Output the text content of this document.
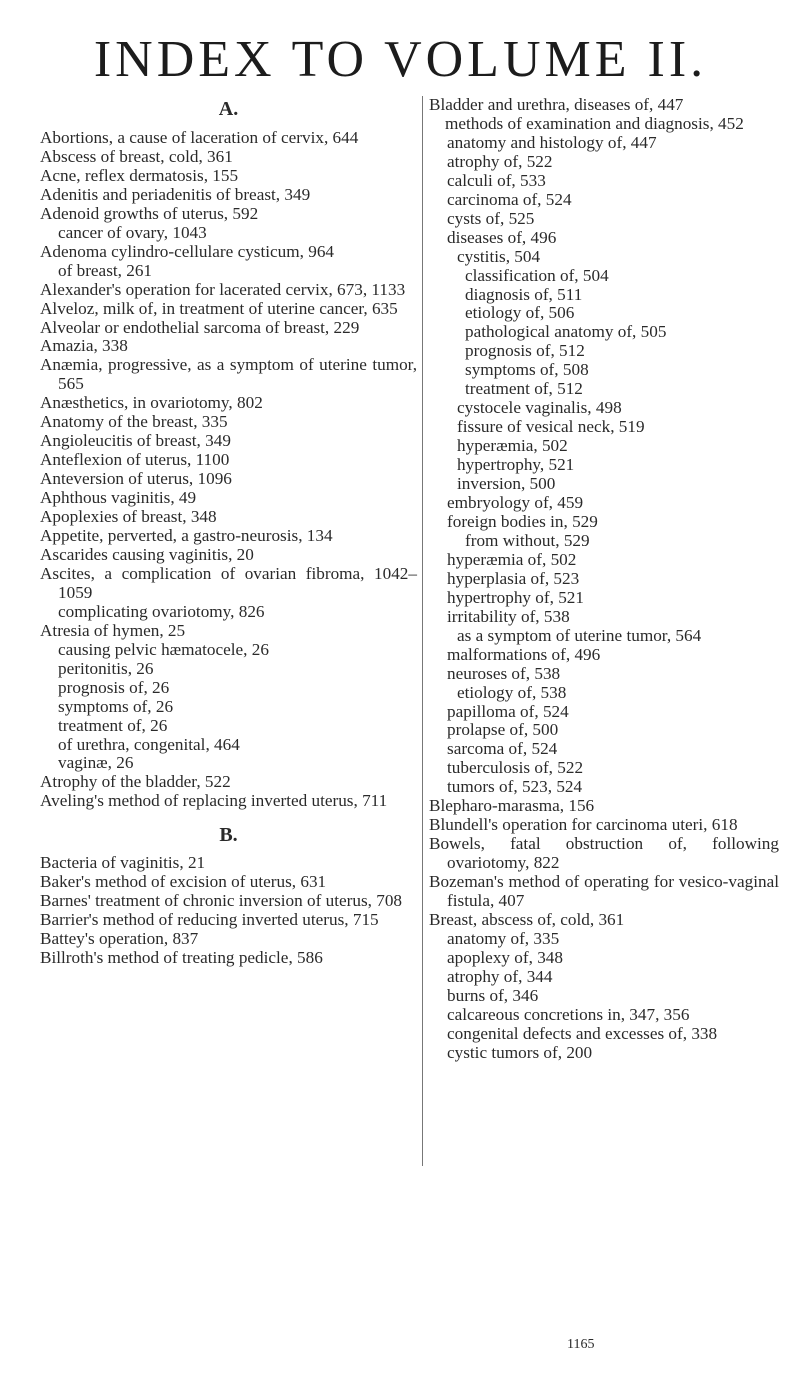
INDEX TO VOLUME II.
A.
Abortions, a cause of laceration of cervix, 644
Abscess of breast, cold, 361
Acne, reflex dermatosis, 155
Adenitis and periadenitis of breast, 349
Adenoid growths of uterus, 592
cancer of ovary, 1043
Adenoma cylindro-cellulare cysticum, 964
of breast, 261
Alexander's operation for lacerated cervix, 673, 1133
Alveloz, milk of, in treatment of uterine cancer, 635
Alveolar or endothelial sarcoma of breast, 229
Amazia, 338
Anæmia, progressive, as a symptom of uterine tumor, 565
Anæsthetics, in ovariotomy, 802
Anatomy of the breast, 335
Angioleucitis of breast, 349
Anteflexion of uterus, 1100
Anteversion of uterus, 1096
Aphthous vaginitis, 49
Apoplexies of breast, 348
Appetite, perverted, a gastro-neurosis, 134
Ascarides causing vaginitis, 20
Ascites, a complication of ovarian fibroma, 1042–1059
complicating ovariotomy, 826
Atresia of hymen, 25
causing pelvic hæmatocele, 26
peritonitis, 26
prognosis of, 26
symptoms of, 26
treatment of, 26
of urethra, congenital, 464
vaginæ, 26
Atrophy of the bladder, 522
Aveling's method of replacing inverted uterus, 711
B.
Bacteria of vaginitis, 21
Baker's method of excision of uterus, 631
Barnes' treatment of chronic inversion of uterus, 708
Barrier's method of reducing inverted uterus, 715
Battey's operation, 837
Billroth's method of treating pedicle, 586
Bladder and urethra, diseases of, 447
methods of examination and diagnosis, 452
anatomy and histology of, 447
atrophy of, 522
calculi of, 533
carcinoma of, 524
cysts of, 525
diseases of, 496
cystitis, 504
classification of, 504
diagnosis of, 511
etiology of, 506
pathological anatomy of, 505
prognosis of, 512
symptoms of, 508
treatment of, 512
cystocele vaginalis, 498
fissure of vesical neck, 519
hyperæmia, 502
hypertrophy, 521
inversion, 500
embryology of, 459
foreign bodies in, 529
from without, 529
hyperæmia of, 502
hyperplasia of, 523
hypertrophy of, 521
irritability of, 538
as a symptom of uterine tumor, 564
malformations of, 496
neuroses of, 538
etiology of, 538
papilloma of, 524
prolapse of, 500
sarcoma of, 524
tuberculosis of, 522
tumors of, 523, 524
Blepharo-marasma, 156
Blundell's operation for carcinoma uteri, 618
Bowels, fatal obstruction of, following ovariotomy, 822
Bozeman's method of operating for vesico-vaginal fistula, 407
Breast, abscess of, cold, 361
anatomy of, 335
apoplexy of, 348
atrophy of, 344
burns of, 346
calcareous concretions in, 347, 356
congenital defects and excesses of, 338
cystic tumors of, 200
1165
